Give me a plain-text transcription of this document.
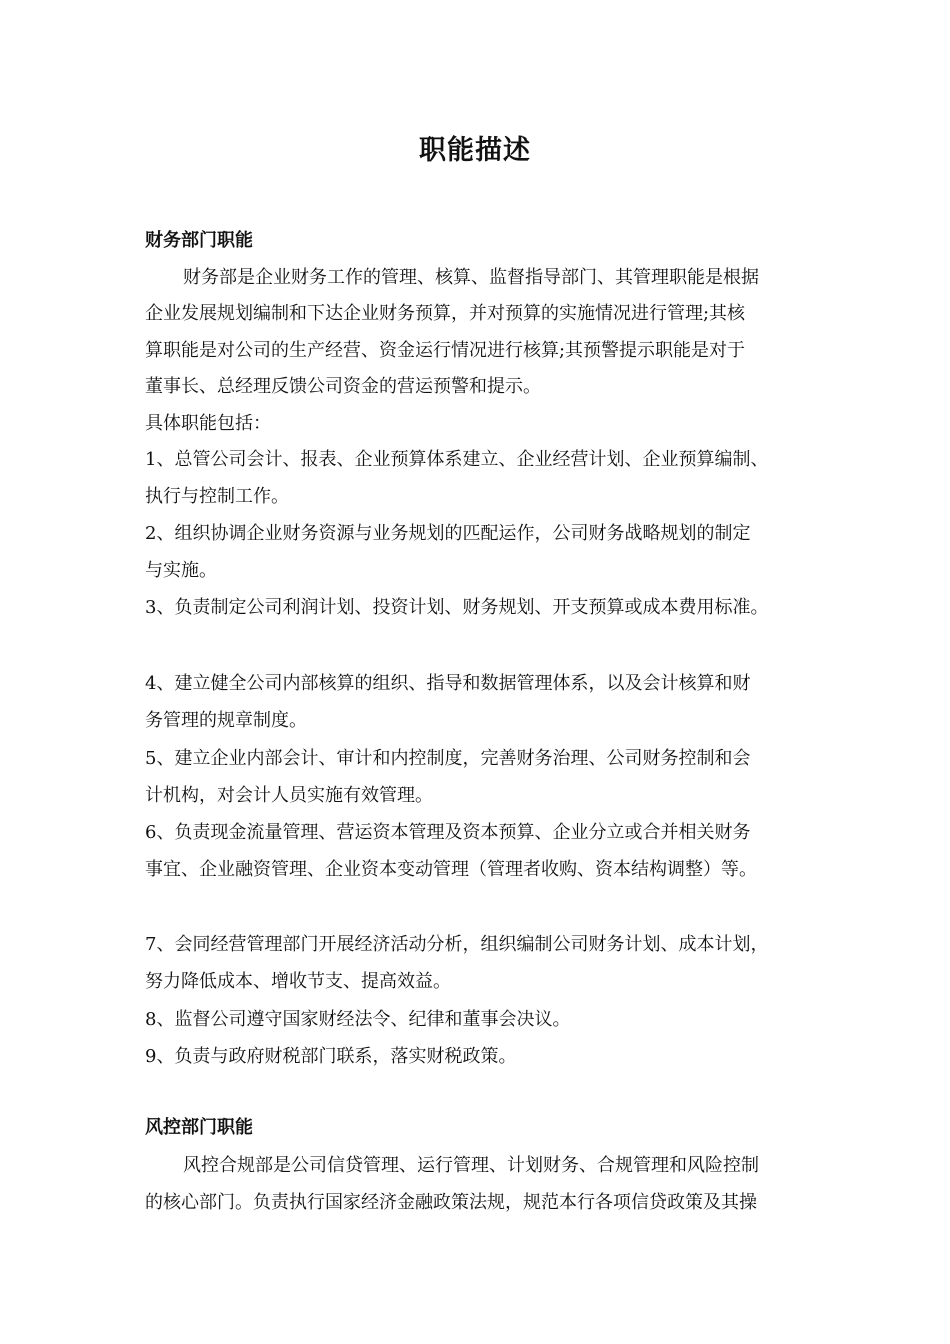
职能描述
财务部门职能
财务部是企业财务工作的管理、核算、监督指导部门、其管理职能是根据
企业发展规划编制和下达企业财务预算，并对预算的实施情况进行管理;其核
算职能是对公司的生产经营、资金运行情况进行核算;其预警提示职能是对于
董事长、总经理反馈公司资金的营运预警和提示。
具体职能包括：
1、总管公司会计、报表、企业预算体系建立、企业经营计划、企业预算编制、
执行与控制工作。
2、组织协调企业财务资源与业务规划的匹配运作，公司财务战略规划的制定
与实施。
3、负责制定公司利润计划、投资计划、财务规划、开支预算或成本费用标准。
4、建立健全公司内部核算的组织、指导和数据管理体系，以及会计核算和财
务管理的规章制度。
5、建立企业内部会计、审计和内控制度，完善财务治理、公司财务控制和会
计机构，对会计人员实施有效管理。
6、负责现金流量管理、营运资本管理及资本预算、企业分立或合并相关财务
事宜、企业融资管理、企业资本变动管理（管理者收购、资本结构调整）等。
7、会同经营管理部门开展经济活动分析，组织编制公司财务计划、成本计划，
努力降低成本、增收节支、提高效益。
8、监督公司遵守国家财经法令、纪律和董事会决议。
9、负责与政府财税部门联系，落实财税政策。
风控部门职能
风控合规部是公司信贷管理、运行管理、计划财务、合规管理和风险控制
的核心部门。负责执行国家经济金融政策法规，规范本行各项信贷政策及其操
